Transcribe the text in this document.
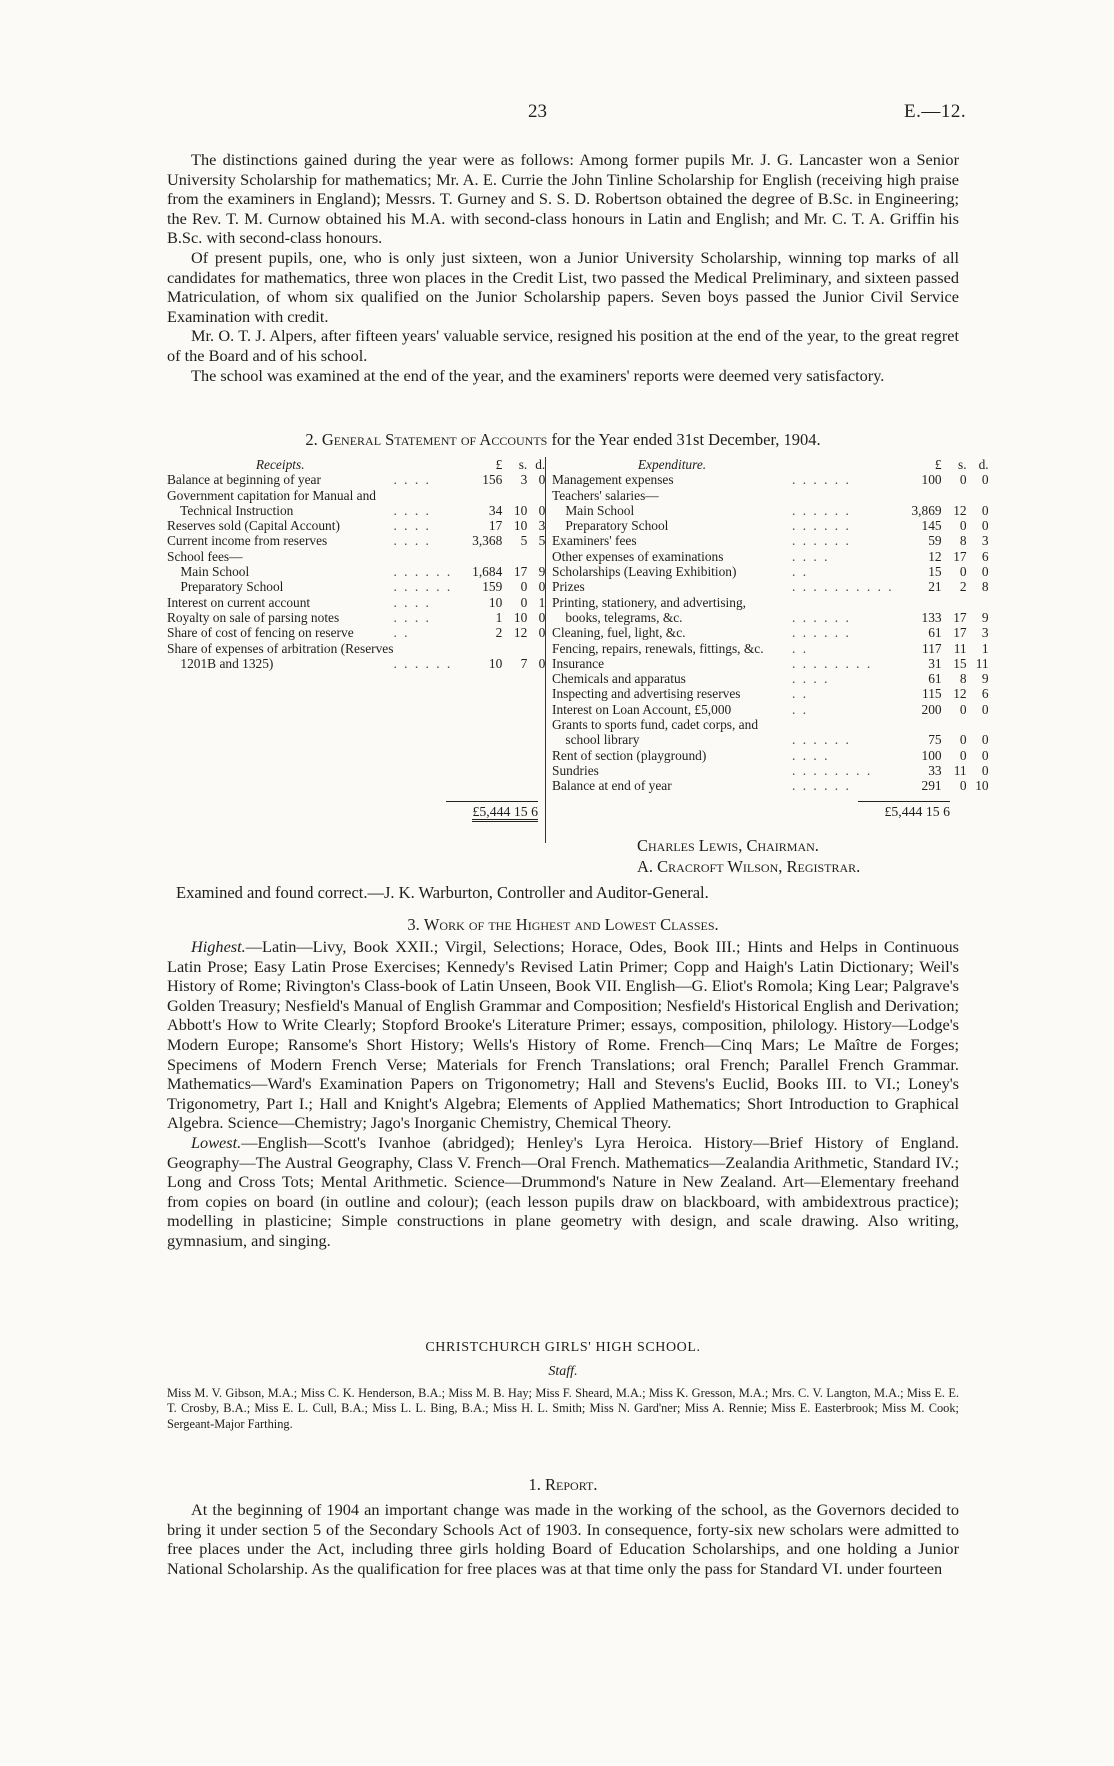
23	E.—12.

The distinctions gained during the year were as follows: Among former pupils Mr. J. G. Lancaster won a Senior University Scholarship for mathematics; Mr. A. E. Currie the John Tinline Scholarship for English (receiving high praise from the examiners in England); Messrs. T. Gurney and S. S. D. Robertson obtained the degree of B.Sc. in Engineering; the Rev. T. M. Curnow obtained his M.A. with second-class honours in Latin and English; and Mr. C. T. A. Griffin his B.Sc. with second-class honours.

Of present pupils, one, who is only just sixteen, won a Junior University Scholarship, winning top marks of all candidates for mathematics, three won places in the Credit List, two passed the Medical Preliminary, and sixteen passed Matriculation, of whom six qualified on the Junior Scholarship papers. Seven boys passed the Junior Civil Service Examination with credit.

Mr. O. T. J. Alpers, after fifteen years' valuable service, resigned his position at the end of the year, to the great regret of the Board and of his school.

The school was examined at the end of the year, and the examiners' reports were deemed very satisfactory.

2. General Statement of Accounts for the Year ended 31st December, 1904.
Receipts.		£	s.	d.
Balance at beginning of year	. . . .	156	3	0
Government capitation for Manual and				
Technical Instruction	. . . .	34	10	0
Reserves sold (Capital Account)	. . . .	17	10	3
Current income from reserves	. . . .	3,368	5	5
School fees—				
Main School	. . . . . .	1,684	17	9
Preparatory School	. . . . . .	159	0	0
Interest on current account	. . . .	10	0	1
Royalty on sale of parsing notes	. . . .	1	10	0
Share of cost of fencing on reserve	. .	2	12	0
Share of expenses of arbitration (Reserves				
1201B and 1325)	. . . . . .	10	7	0
Expenditure.		£	s.	d.
Management expenses	. . . . . .	100	0	0
Teachers' salaries—				
Main School	. . . . . .	3,869	12	0
Preparatory School	. . . . . .	145	0	0
Examiners' fees	. . . . . .	59	8	3
Other expenses of examinations	. . . .	12	17	6
Scholarships (Leaving Exhibition)	. .	15	0	0
Prizes	. . . . . . . . . .	21	2	8
Printing, stationery, and advertising,				
books, telegrams, &c.	. . . . . .	133	17	9
Cleaning, fuel, light, &c.	. . . . . .	61	17	3
Fencing, repairs, renewals, fittings, &c.	. .	117	11	1
Insurance	. . . . . . . .	31	15	11
Chemicals and apparatus	. . . .	61	8	9
Inspecting and advertising reserves	. .	115	12	6
Interest on Loan Account, £5,000	. .	200	0	0
Grants to sports fund, cadet corps, and				
school library	. . . . . .	75	0	0
Rent of section (playground)	. . . .	100	0	0
Sundries	. . . . . . . .	33	11	0
Balance at end of year	. . . . . .	291	0	10
£5,444 15 6	£5,444 15 6
Charles Lewis, Chairman.
A. Cracroft Wilson, Registrar.
Examined and found correct.—J. K. Warburton, Controller and Auditor-General.
3. Work of the Highest and Lowest Classes.

Highest.—Latin—Livy, Book XXII.; Virgil, Selections; Horace, Odes, Book III.; Hints and Helps in Continuous Latin Prose; Easy Latin Prose Exercises; Kennedy's Revised Latin Primer; Copp and Haigh's Latin Dictionary; Weil's History of Rome; Rivington's Class-book of Latin Unseen, Book VII. English—G. Eliot's Romola; King Lear; Palgrave's Golden Treasury; Nesfield's Manual of English Grammar and Composition; Nesfield's Historical English and Derivation; Abbott's How to Write Clearly; Stopford Brooke's Literature Primer; essays, composition, philology. History—Lodge's Modern Europe; Ransome's Short History; Wells's History of Rome. French—Cinq Mars; Le Maître de Forges; Specimens of Modern French Verse; Materials for French Translations; oral French; Parallel French Grammar. Mathematics—Ward's Examination Papers on Trigonometry; Hall and Stevens's Euclid, Books III. to VI.; Loney's Trigonometry, Part I.; Hall and Knight's Algebra; Elements of Applied Mathematics; Short Introduction to Graphical Algebra. Science—Chemistry; Jago's Inorganic Chemistry, Chemical Theory.

Lowest.—English—Scott's Ivanhoe (abridged); Henley's Lyra Heroica. History—Brief History of England. Geography—The Austral Geography, Class V. French—Oral French. Mathematics—Zealandia Arithmetic, Standard IV.; Long and Cross Tots; Mental Arithmetic. Science—Drummond's Nature in New Zealand. Art—Elementary freehand from copies on board (in outline and colour); (each lesson pupils draw on blackboard, with ambidextrous practice); modelling in plasticine; Simple constructions in plane geometry with design, and scale drawing. Also writing, gymnasium, and singing.

CHRISTCHURCH GIRLS' HIGH SCHOOL.
Staff.
Miss M. V. Gibson, M.A.; Miss C. K. Henderson, B.A.; Miss M. B. Hay; Miss F. Sheard, M.A.; Miss K. Gresson, M.A.; Mrs. C. V. Langton, M.A.; Miss E. E. T. Crosby, B.A.; Miss E. L. Cull, B.A.; Miss L. L. Bing, B.A.; Miss H. L. Smith; Miss N. Gard'ner; Miss A. Rennie; Miss E. Easterbrook; Miss M. Cook; Sergeant-Major Farthing.
1. Report.

At the beginning of 1904 an important change was made in the working of the school, as the Governors decided to bring it under section 5 of the Secondary Schools Act of 1903. In consequence, forty-six new scholars were admitted to free places under the Act, including three girls holding Board of Education Scholarships, and one holding a Junior National Scholarship. As the qualification for free places was at that time only the pass for Standard VI. under fourteen
